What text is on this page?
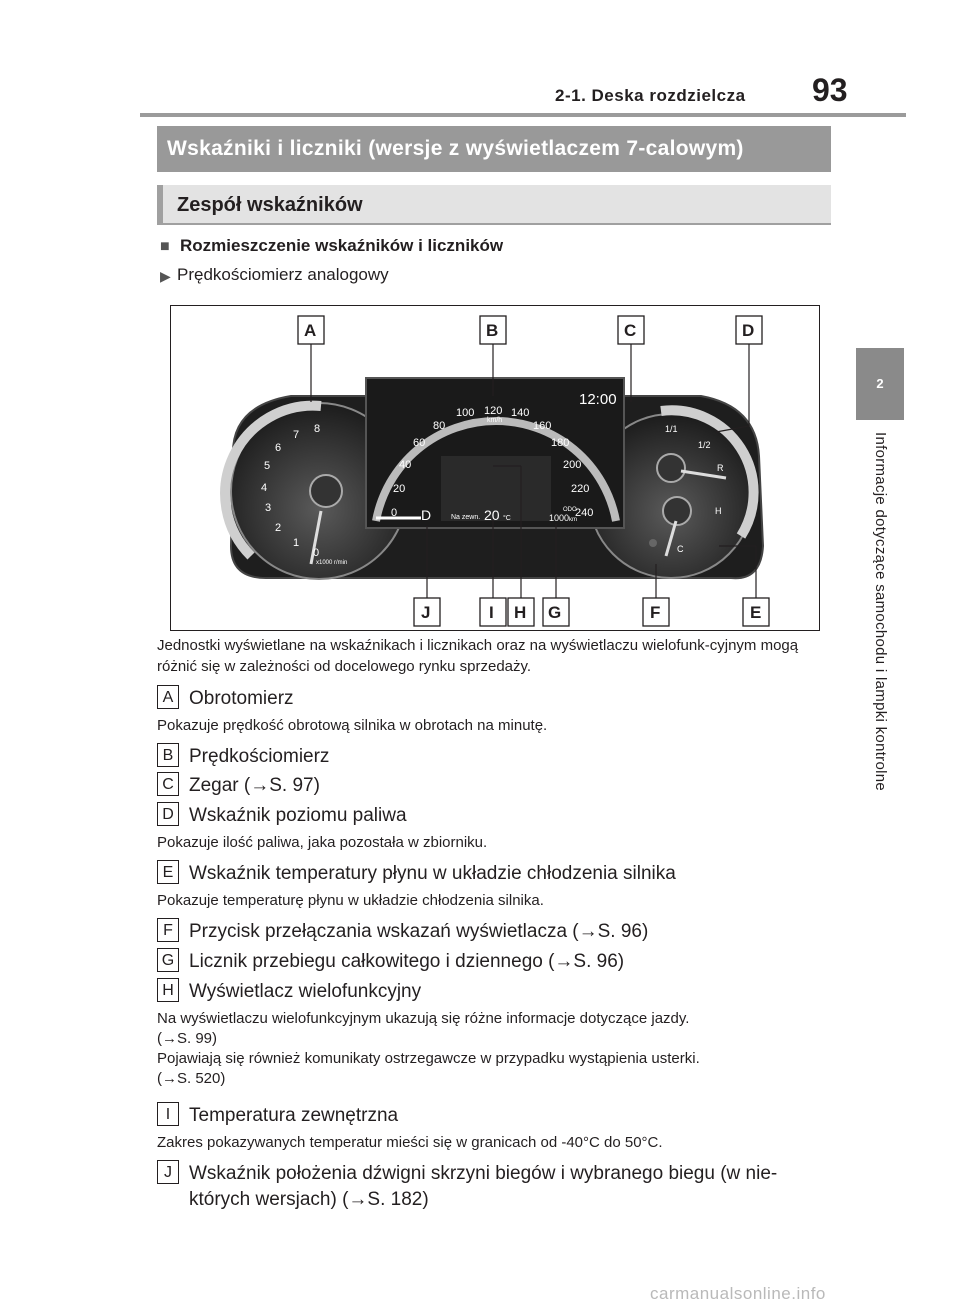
2-1. Deska rozdzielcza 93
2
Informacje dotyczące samochodu i lampki kontrolne
Wskaźniki i liczniki (wersje z wyświetlaczem 7-calowym)
Zespół wskaźników
■ Rozmieszczenie wskaźników i liczników
▶ Prędkościomierz analogowy
12:00
km/h
D	Na zewn. 20 °C
ODO
1000 km
x1000 r/min
0
20
40
60
80
100 120 140
160
180
200
220
240
0
1
2
3
4
5
6
7 8	1/1
1/2
R
H
C
A	B	C	D
J	I H G	F	E
Jednostki wyświetlane na wskaźnikach i licznikach oraz na wyświetlaczu wielofunk-cyjnym mogą różnić się w zależności od docelowego rynku sprzedaży.
A Obrotomierz
Pokazuje prędkość obrotową silnika w obrotach na minutę.
B Prędkościomierz
C Zegar (→S. 97)
D Wskaźnik poziomu paliwa
Pokazuje ilość paliwa, jaka pozostała w zbiorniku.
E Wskaźnik temperatury płynu w układzie chłodzenia silnika
Pokazuje temperaturę płynu w układzie chłodzenia silnika.
F Przycisk przełączania wskazań wyświetlacza (→S. 96)
G Licznik przebiegu całkowitego i dziennego (→S. 96)
H Wyświetlacz wielofunkcyjny
Na wyświetlaczu wielofunkcyjnym ukazują się różne informacje dotyczące jazdy.
(→S. 99)
Pojawiają się również komunikaty ostrzegawcze w przypadku wystąpienia usterki.
(→S. 520)
I Temperatura zewnętrzna
Zakres pokazywanych temperatur mieści się w granicach od -40°C do 50°C.
J Wskaźnik położenia dźwigni skrzyni biegów i wybranego biegu (w nie-
których wersjach) (→S. 182)
carmanualsonline.info
